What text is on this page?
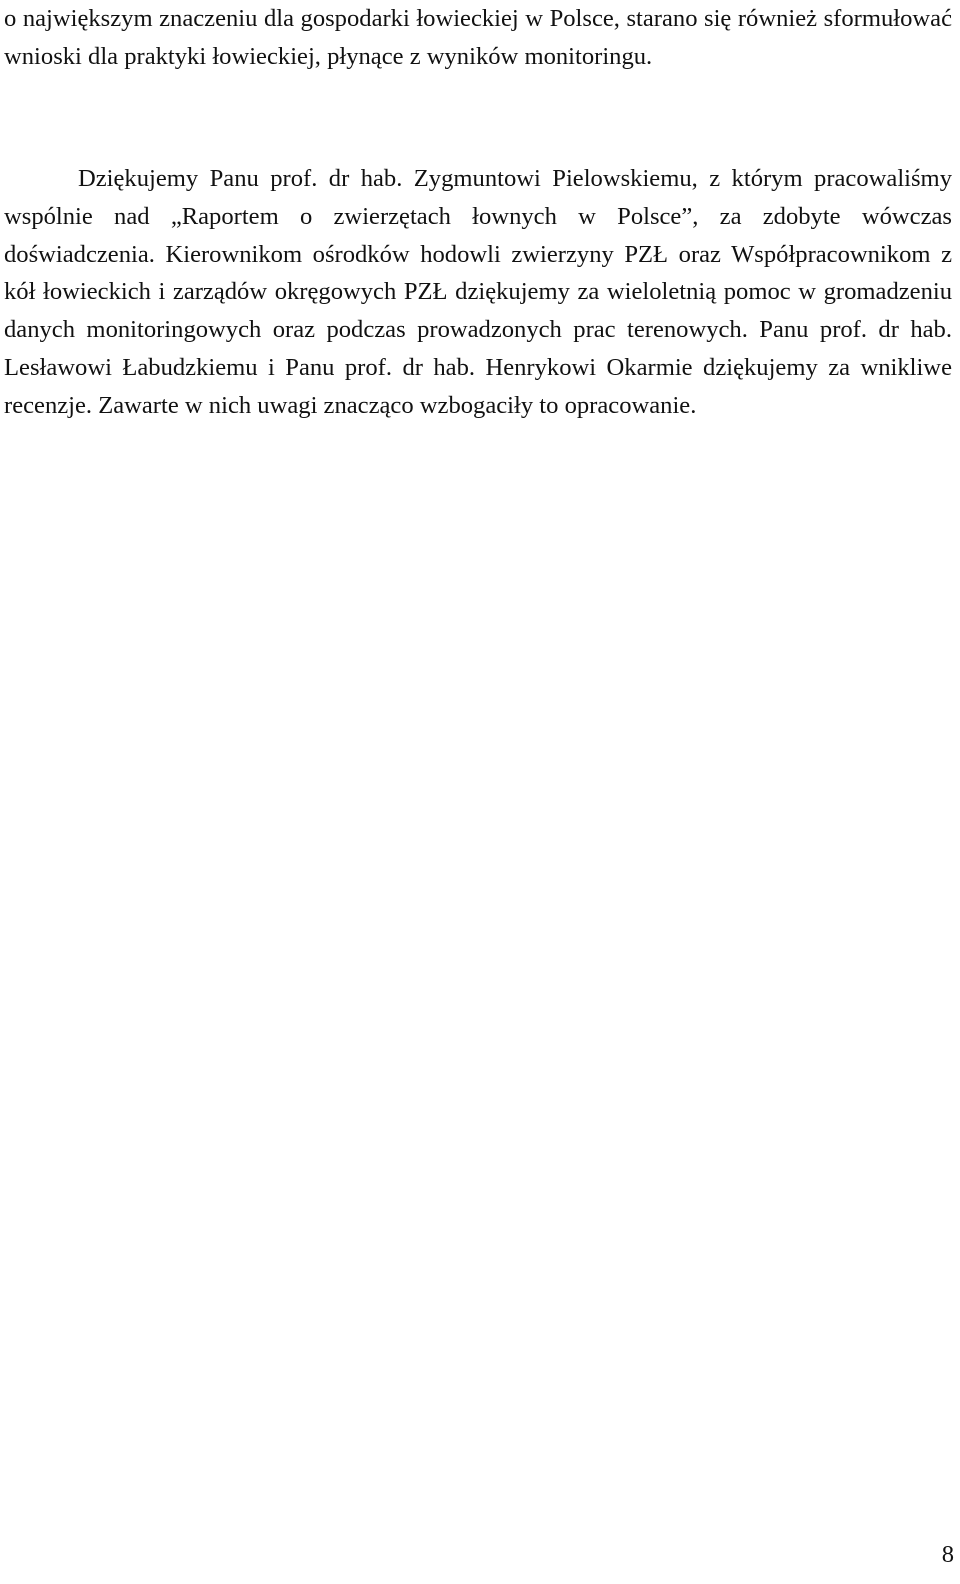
o największym znaczeniu dla gospodarki łowieckiej w Polsce, starano się również sformułować wnioski dla praktyki łowieckiej, płynące z wyników monitoringu.

Dziękujemy Panu prof. dr hab. Zygmuntowi Pielowskiemu, z którym pracowaliśmy wspólnie nad „Raportem o zwierzętach łownych w Polsce”, za zdobyte wówczas doświadczenia. Kierownikom ośrodków hodowli zwierzyny PZŁ oraz Współpracownikom z kół łowieckich i zarządów okręgowych PZŁ dziękujemy za wieloletnią pomoc w gromadzeniu danych monitoringowych oraz podczas prowadzonych prac terenowych. Panu prof. dr hab. Lesławowi Łabudzkiemu i Panu prof. dr hab. Henrykowi Okarmie dziękujemy za wnikliwe recenzje. Zawarte w nich uwagi znacząco wzbogaciły to opracowanie.

8
